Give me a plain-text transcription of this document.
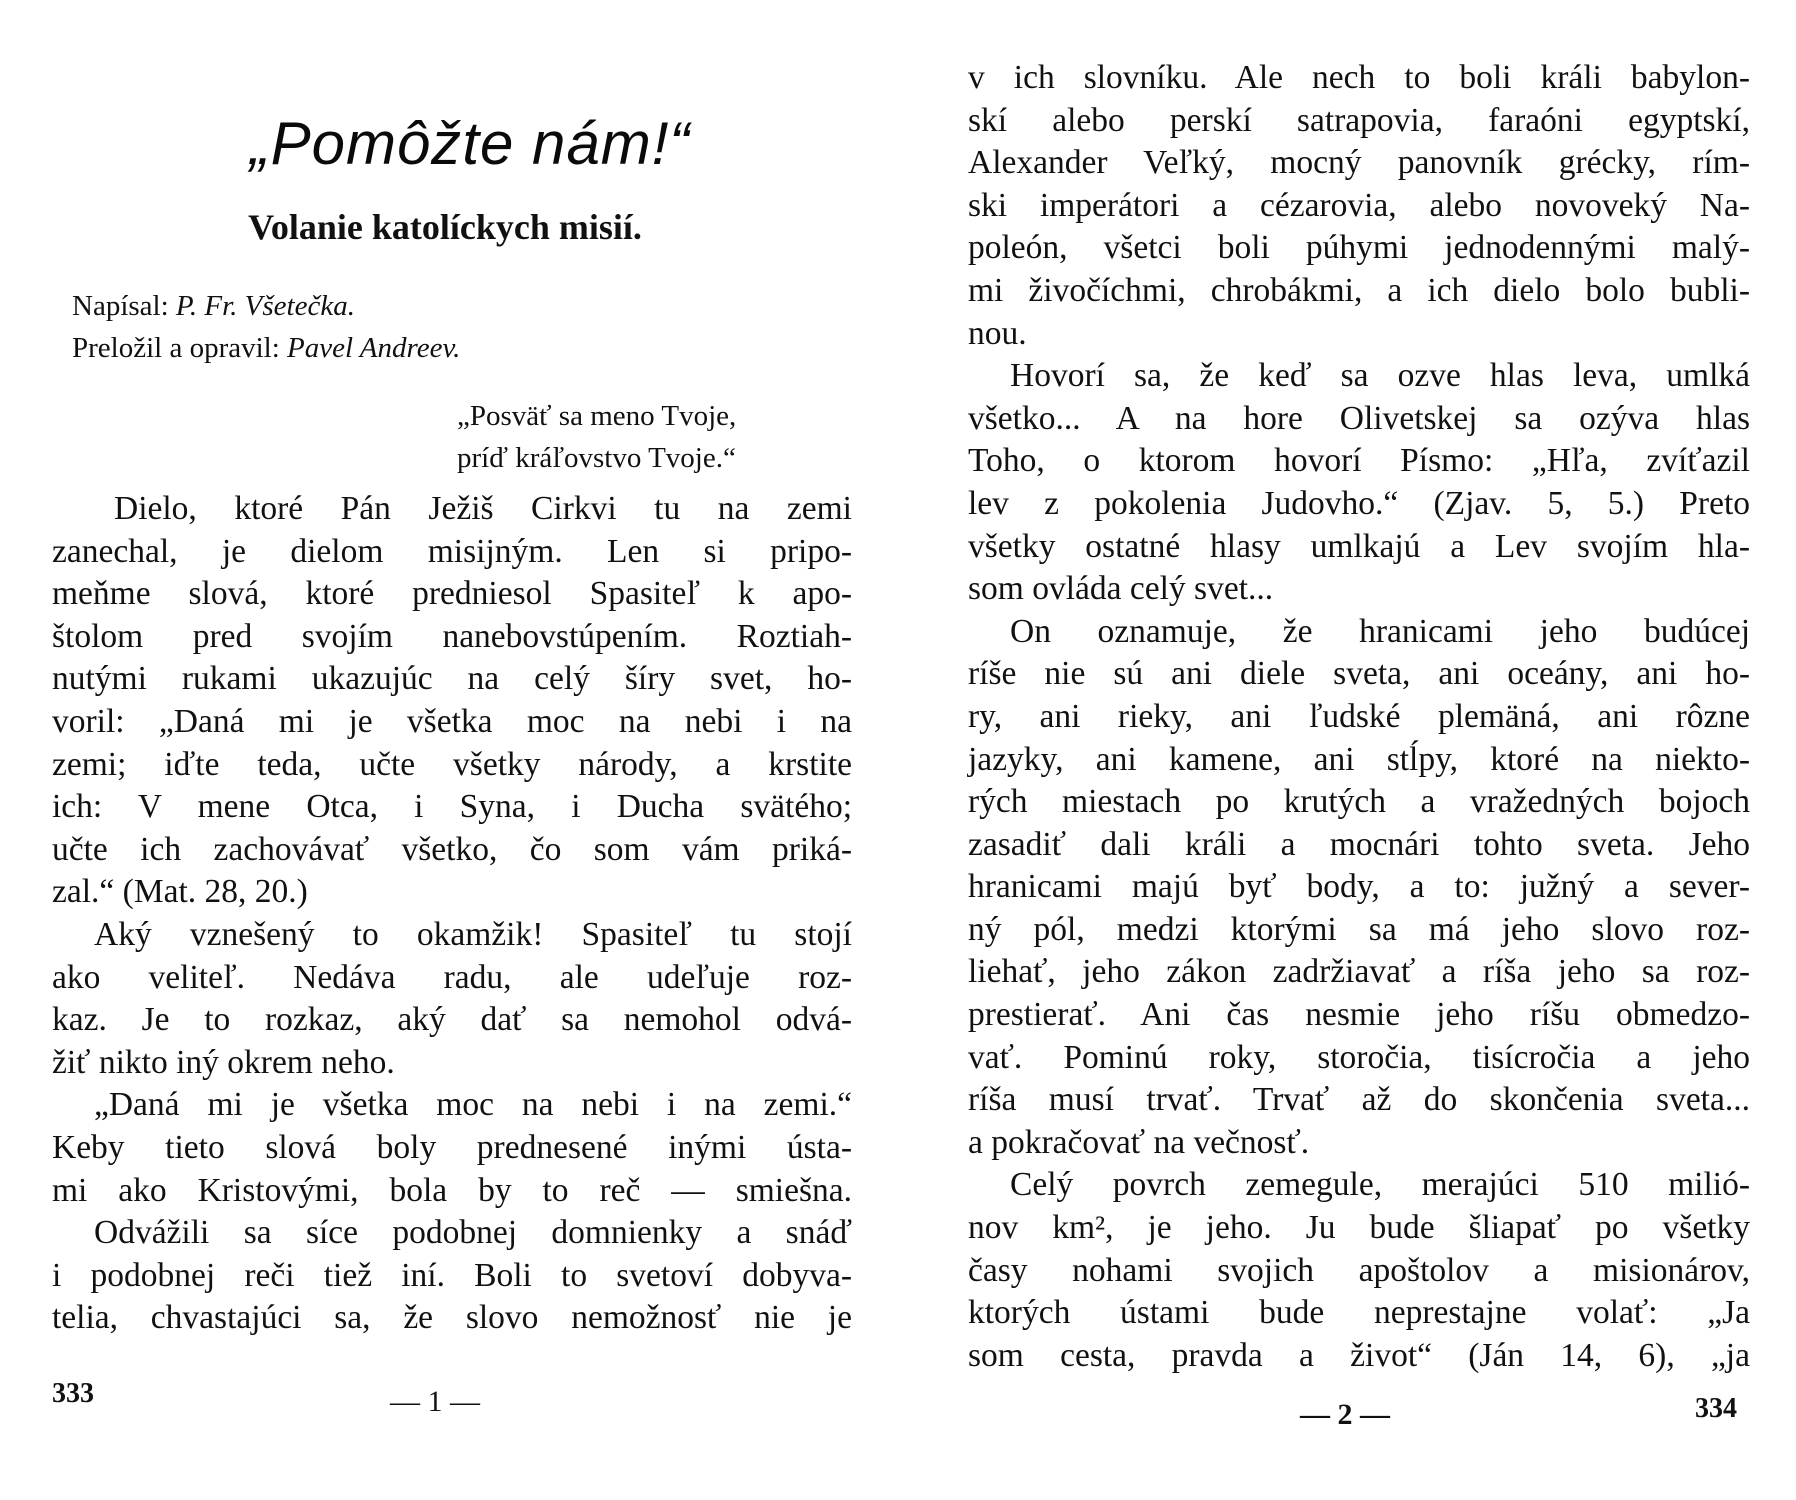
„Pomôžte nám!“
Volanie katolíckych misií.
Napísal: P. Fr. Všetečka.
Preložil a opravil: Pavel Andreev.
„Posväť sa meno Tvoje,
príď kráľovstvo Tvoje.“
Dielo, ktoré Pán Ježiš Cirkvi tu na zemi
zanechal, je dielom misijným. Len si pripo-
meňme slová, ktoré predniesol Spasiteľ k apo-
štolom pred svojím nanebovstúpením. Roztiah-
nutými rukami ukazujúc na celý šíry svet, ho-
voril: „Daná mi je všetka moc na nebi i na
zemi; iďte teda, učte všetky národy, a krstite
ich: V mene Otca, i Syna, i Ducha svätého;
učte ich zachovávať všetko, čo som vám priká-
zal.“ (Mat. 28, 20.)
Aký vznešený to okamžik! Spasiteľ tu stojí
ako veliteľ. Nedáva radu, ale udeľuje roz-
kaz. Je to rozkaz, aký dať sa nemohol odvá-
žiť nikto iný okrem neho.
„Daná mi je všetka moc na nebi i na zemi.“
Keby tieto slová boly prednesené inými ústa-
mi ako Kristovými, bola by to reč — smiešna.
Odvážili sa síce podobnej domnienky a snáď
i podobnej reči tiež iní. Boli to svetoví dobyva-
telia, chvastajúci sa, že slovo nemožnosť nie je
333	— 1 —
v ich slovníku. Ale nech to boli králi babylon-
skí alebo perskí satrapovia, faraóni egyptskí,
Alexander Veľký, mocný panovník grécky, rím-
ski imperátori a cézarovia, alebo novoveký Na-
poleón, všetci boli púhymi jednodennými malý-
mi živočíchmi, chrobákmi, a ich dielo bolo bubli-
nou.
Hovorí sa, že keď sa ozve hlas leva, umlká
všetko... A na hore Olivetskej sa ozýva hlas
Toho, o ktorom hovorí Písmo: „Hľa, zvíťazil
lev z pokolenia Judovho.“ (Zjav. 5, 5.) Preto
všetky ostatné hlasy umlkajú a Lev svojím hla-
som ovláda celý svet...
On oznamuje, že hranicami jeho budúcej
ríše nie sú ani diele sveta, ani oceány, ani ho-
ry, ani rieky, ani ľudské plemäná, ani rôzne
jazyky, ani kamene, ani stĺpy, ktoré na niekto-
rých miestach po krutých a vražedných bojoch
zasadiť dali králi a mocnári tohto sveta. Jeho
hranicami majú byť body, a to: južný a sever-
ný pól, medzi ktorými sa má jeho slovo roz-
liehať, jeho zákon zadržiavať a ríša jeho sa roz-
prestierať. Ani čas nesmie jeho ríšu obmedzo-
vať. Pominú roky, storočia, tisícročia a jeho
ríša musí trvať. Trvať až do skončenia sveta...
a pokračovať na večnosť.
Celý povrch zemegule, merajúci 510 milió-
nov km², je jeho. Ju bude šliapať po všetky
časy nohami svojich apoštolov a misionárov,
ktorých ústami bude neprestajne volať: „Ja
som cesta, pravda a život“ (Ján 14, 6), „ja
— 2 —	334
